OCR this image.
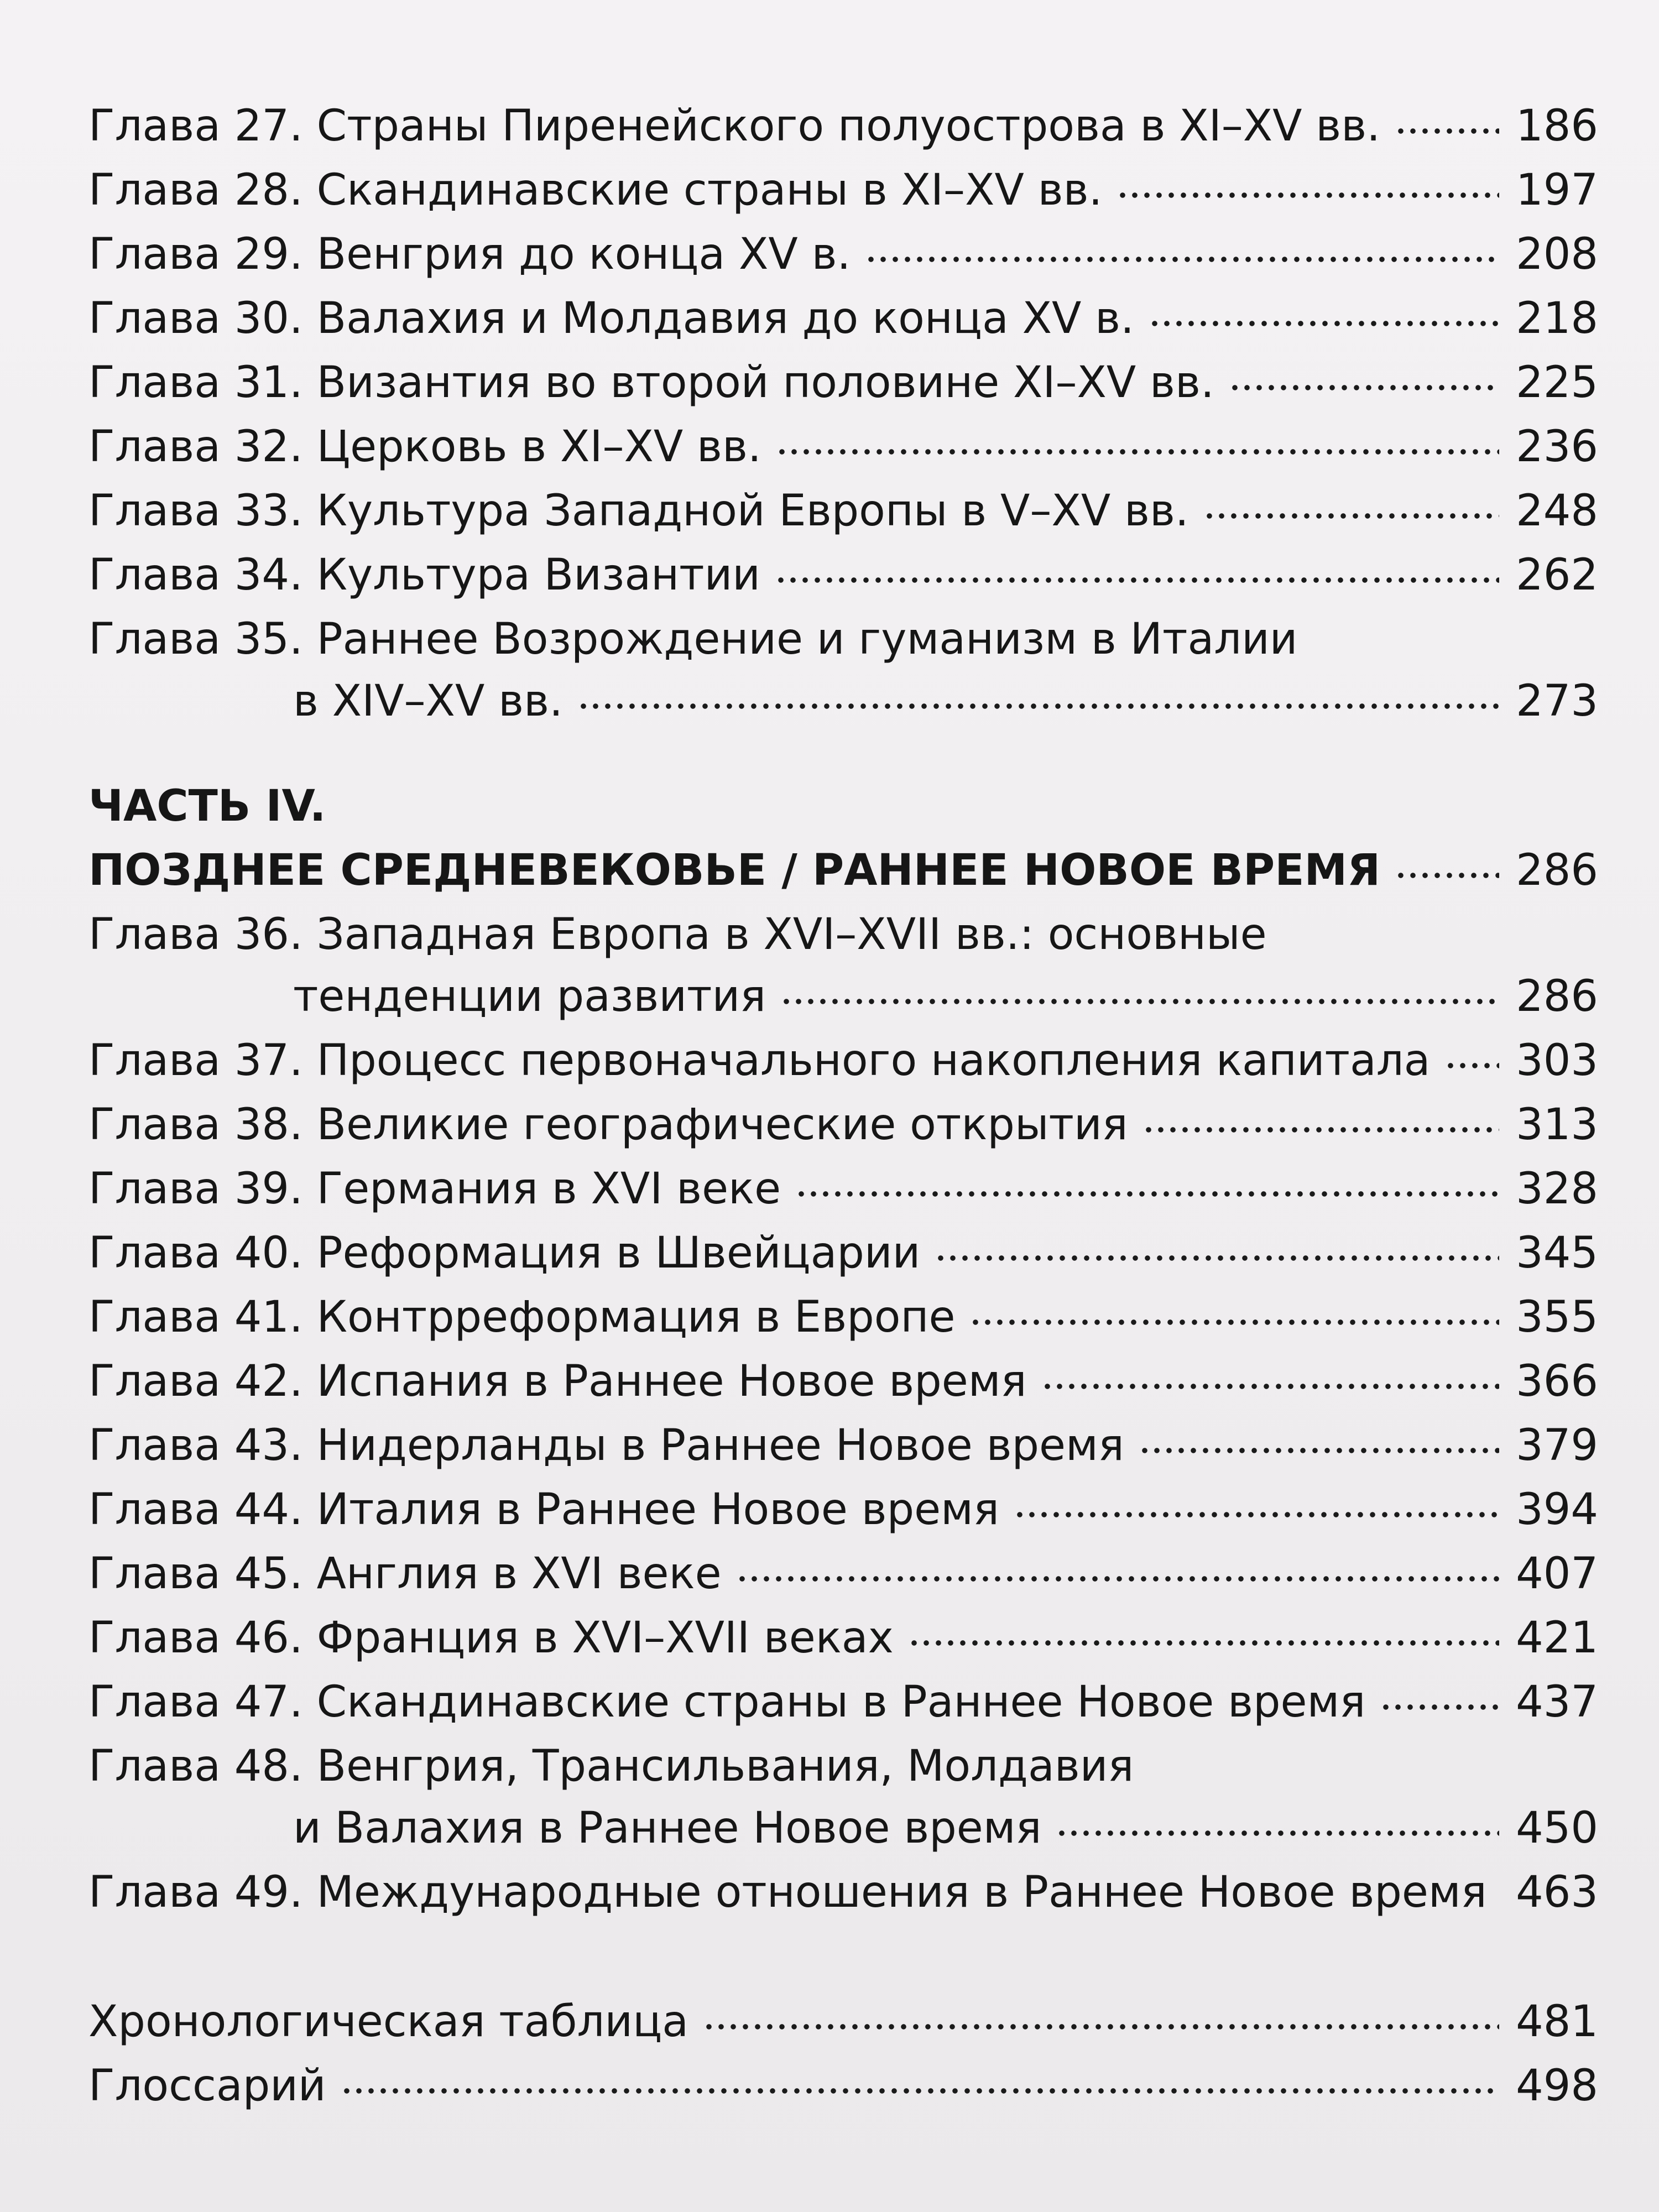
Глава 27. Страны Пиренейского полуострова в XI–XV вв.	186
Глава 28. Скандинавские страны в XI–XV вв.	197
Глава 29. Венгрия до конца XV в.	208
Глава 30. Валахия и Молдавия до конца XV в.	218
Глава 31. Византия во второй половине XI–XV вв.	225
Глава 32. Церковь в XI–XV вв.	236
Глава 33. Культура Западной Европы в V–XV вв.	248
Глава 34. Культура Византии	262
Глава 35. Раннее Возрождение и гуманизм в Италии
в XIV–XV вв.	273
ЧАСТЬ IV.
ПОЗДНЕЕ СРЕДНЕВЕКОВЬЕ / РАННЕЕ НОВОЕ ВРЕМЯ	286
Глава 36. Западная Европа в XVI–XVII вв.: основные
тенденции развития	286
Глава 37. Процесс первоначального накопления капитала 303
Глава 38. Великие географические открытия	313
Глава 39. Германия в XVI веке	328
Глава 40. Реформация в Швейцарии	345
Глава 41. Контрреформация в Европе	355
Глава 42. Испания в Раннее Новое время	366
Глава 43. Нидерланды в Раннее Новое время	379
Глава 44. Италия в Раннее Новое время	394
Глава 45. Англия в XVI веке	407
Глава 46. Франция в XVI–XVII веках	421
Глава 47. Скандинавские страны в Раннее Новое время	437
Глава 48. Венгрия, Трансильвания, Молдавия
и Валахия в Раннее Новое время	450
Глава 49. Международные отношения в Раннее Новое время 463
Хронологическая таблица	481
Глоссарий	498
